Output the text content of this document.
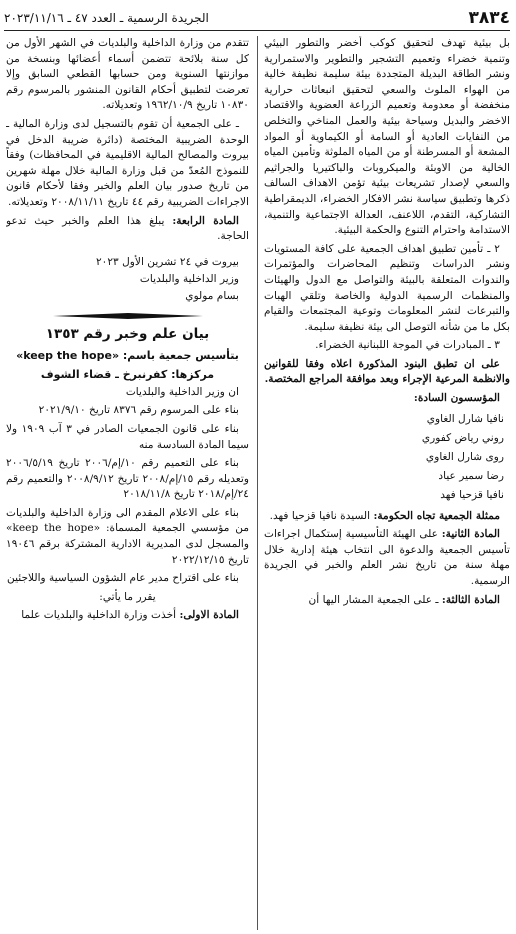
٣٨٣٤
الجريدة الرسمية ـ العدد ٤٧ ـ ٢٠٢٣/١١/١٦

بل بيئية تهدف لتحقيق كوكب أخضر والتطور البيئي وتنمية خضراء وتعميم التشجير والتطوير والاستمرارية ونشر الطاقة البديلة المتجددة بيئة سليمة نظيفة خالية من الهواء الملوث والسعي لتحقيق انبعاثات حرارية منخفضة أو معدومة وتعميم الزراعة العضوية والاقتصاد الاخضر والبديل وسياحة بيئية والعمل المناخي والتخلص من النفايات العادية أو السامة أو الكيماوية أو المواد المشعة أو المسرطنة أو من المياه الملوثة وتأمين المياه الخالية من الاوبئة والميكروبات والباكتيريا والجراثيم والسعي لإصدار تشريعات بيئية تؤمن الاهداف السالف ذكرها وتطبيق سياسة نشر الافكار الخضراء، الديمقراطية التشاركية، التقدم، اللاعنف، العدالة الاجتماعية والتنمية، الاستدامة واحترام التنوع والحكمة البيئية.

٢ ـ تأمين تطبيق اهداف الجمعية على كافة المستويات ونشر الدراسات وتنظيم المحاضرات والمؤتمرات والندوات المتعلقة بالبيئة والتواصل مع الدول والهيئات والمنظمات الرسمية الدولية والخاصة وتلقي الهبات والتبرعات لنشر المعلومات وتوعية المجتمعات والقيام بكل ما من شأنه التوصل الى بيئة نظيفة سليمة.

٣ ـ المبادرات في الموجة اللبنانية الخضراء.

على ان تطبق البنود المذكورة اعلاه وفقا للقوانين والانظمة المرعية الإجراء وبعد موافقة المراجع المختصة.

المؤسسون السادة:

نافيا شارل الغاوي
روني رياض كفوري
روى شارل الغاوي
رضا سمير عياد
نافيا قزحيا فهد

ممثلة الجمعية تجاه الحكومة: السيدة نافيا قزحيا فهد.

المادة الثانية: على الهيئة التأسيسية إستكمال اجراءات تأسيس الجمعية والدعوة الى انتخاب هيئة إدارية خلال مهلة سنة من تاريخ نشر العلم والخبر في الجريدة الرسمية.

المادة الثالثة: ـ على الجمعية المشار اليها أن

تتقدم من وزارة الداخلية والبلديات في الشهر الأول من كل سنة بلائحة تتضمن أسماء أعضائها وبنسخة من موازنتها السنوية ومن حسابها القطعي السابق وإلا تعرضت لتطبيق أحكام القانون المنشور بالمرسوم رقم ١٠٨٣٠ تاريخ ١٩٦٢/١٠/٩ وتعديلاته.

ـ على الجمعية أن تقوم بالتسجيل لدى وزارة المالية ـ الوحدة الضريبية المختصة (دائرة ضريبة الدخل في بيروت والمصالح المالية الاقليمية في المحافظات) وفقاً للنموذج المُعدّ من قبل وزارة المالية خلال مهلة شهرين من تاريخ صدور بيان العلم والخبر وفقا لأحكام قانون الاجراءات الضريبية رقم ٤٤ تاريخ ٢٠٠٨/١١/١١ وتعديلاته.

المادة الرابعة: يبلغ هذا العلم والخبر حيث تدعو الحاجة.

بيروت في ٢٤ تشرين الأول ٢٠٢٣

وزير الداخلية والبلديات

بسام مولوي

بيان علم وخبر رقم ١٣٥٣
بتأسيس جمعية باسم: «keep the hope»
مركزها: كفرنبرخ ـ قضاء الشوف

ان وزير الداخلية والبلديات

بناء على المرسوم رقم ٨٣٧٦ تاريخ ٢٠٢١/٩/١٠

بناء على قانون الجمعيات الصادر في ٣ آب ١٩٠٩ ولا سيما المادة السادسة منه

بناء على التعميم رقم ١٠/إم/٢٠٠٦ تاريخ ٢٠٠٦/٥/١٩ وتعديله رقم ١٥/إم/٢٠٠٨ تاريخ ٢٠٠٨/٩/١٢ والتعميم رقم ٢٤/إم/٢٠١٨ تاريخ ٢٠١٨/١١/٨

بناء على الاعلام المقدم الى وزارة الداخلية والبلديات من مؤسسي الجمعية المسماة: «keep the hope» والمسجل لدى المديرية الادارية المشتركة برقم ١٩٠٤٦ تاريخ ٢٠٢٢/١٢/١٥

بناء على اقتراح مدير عام الشؤون السياسية واللاجئين

يقرر ما يأتي:

المادة الاولى: أخذت وزارة الداخلية والبلديات علما
